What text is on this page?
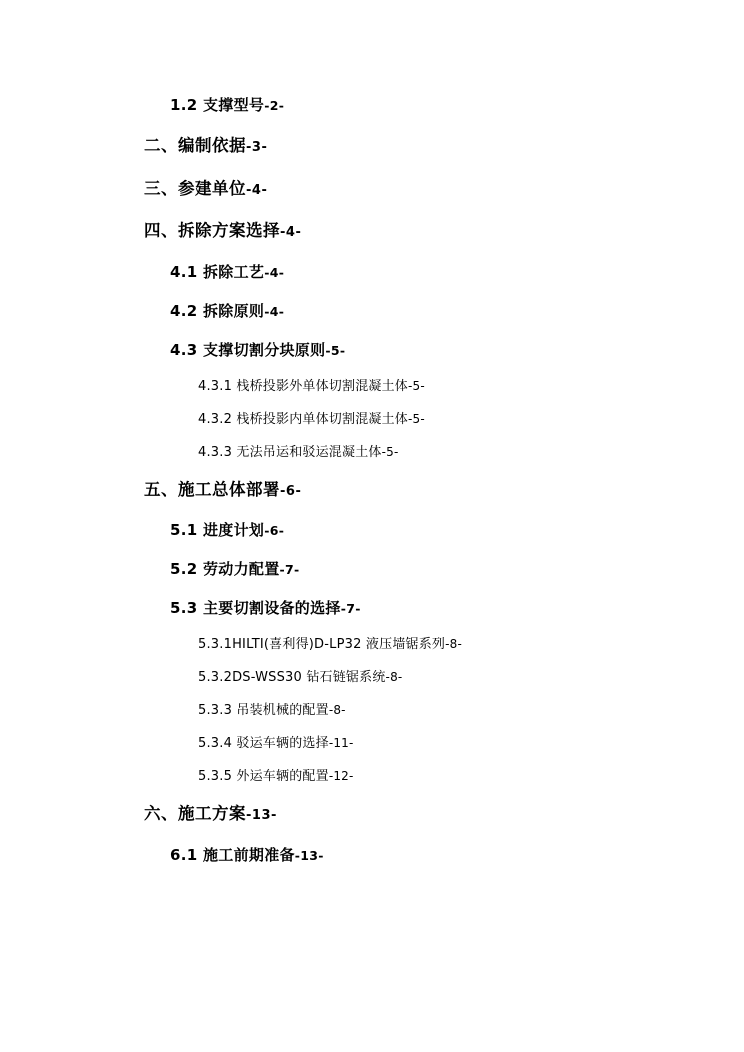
1.2 支撑型号-2-
二、编制依据-3-
三、参建单位-4-
四、拆除方案选择-4-
4.1 拆除工艺-4-
4.2 拆除原则-4-
4.3 支撑切割分块原则-5-
4.3.1 栈桥投影外单体切割混凝土体-5-
4.3.2 栈桥投影内单体切割混凝土体-5-
4.3.3 无法吊运和驳运混凝土体-5-
五、施工总体部署-6-
5.1 进度计划-6-
5.2 劳动力配置-7-
5.3 主要切割设备的选择-7-
5.3.1HILTI(喜利得)D-LP32 液压墙锯系列-8-
5.3.2DS-WSS30 钻石链锯系统-8-
5.3.3 吊装机械的配置-8-
5.3.4 驳运车辆的选择-11-
5.3.5 外运车辆的配置-12-
六、施工方案-13-
6.1 施工前期准备-13-
